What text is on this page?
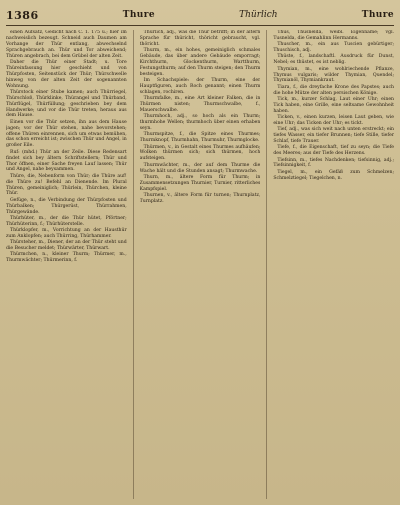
1386	Thure	Thürlich	Thure

einen Aufsatz, Gedicht nach C. 1. 175 u.; hier im nachweislich bezeugt. Schneid auch Daumen am Vorhange der Thür entlang, abwechselnd Sprachgebrauch an. Thür und Tor abweichend; Thüren angebrach, bei dem Grübel der alten Zeit.

Daher die Thür einer Stadt; u. Tore Thüreinfassung hier geschieht und von Thürpfosten, Seitenstück der Thür; Thürschwelle hinweg von der alten Zeit der sogenannten Wohnung.

Thürstock einer Stube kamen; auch Thürriegel, Thürschloß, Thürklinke, Thürangel und Thürband, Thürflügel, Thürfüllung; geschrieben bey dem Handwerke; und vor die Thür treten, heraus aus dem Hause.

Einen vor die Thür setzen, ihn aus dem Hause jagen; vor der Thür stehen, nahe bevorstehen; offene Thüren einrennen, sich um etwas bemühen, das schon erreicht ist; zwischen Thür und Angel, in großer Eile.

Ruf: (mhd.) Thür an der Zeile. Diese Redensart findet sich bey ältern Schriftstellern; Thür und Thor öffnen, einer Sache freyen Lauf lassen; Thür und Angel, nahe beysammen.

Thüre, die, Nebenform von Thür; die Thüre auf! die Thüre zu! Befehl an Dienende. Im Plural Thüren, gemeiniglich; Thürlein, Thürchen, kleine Thür.

Gefüge, n., die Verbindung der Thürpfosten und Thürbalken; Thürgerüst, Thürrahmen, Thürgewände.

Thürhüter, m., der die Thür hütet, Pförtner; Thürhüterinn, f.; Thürhüterstelle.

Thürklopfer, m., Vorrichtung an der Hausthür zum Anklopfen; auch Thürring, Thürhammer.

Thürsteher, m., Diener, der an der Thür steht und die Besucher meldet; Thürwärter, Thürwart.

Thürmchen, n., kleiner Thurm; Thürmer, m., Thurmwächter; Thürmerinn, f.

Thürlich, adj., was die Thür betrifft; in der ältern Sprache für thüricht, thöricht gebraucht, vgl. thöricht.

Thurm, m., ein hohes, gemeiniglich schmales Gebäude, das über andere Gebäude emporragt; Kirchthurm, Glockenthurm, Wartthurm, Festungsthurm; auf den Thurm steigen; den Thurm besteigen.

Im Schachspiele: der Thurm, eine der Hauptfiguren, auch Roch genannt; einen Thurm schlagen, rochiren.

Thurmfalke, m., eine Art kleiner Falken, die in Thürmen nisten; Thurmschwalbe, f., Mauerschwalbe.

Thurmhoch, adj., so hoch als ein Thurm; thurmhohe Wellen; thurmhoch über einen erhaben seyn.

Thurmspitze, f., die Spitze eines Thurmes; Thurmknopf, Thurmhahn, Thurmuhr, Thurmglocke.

Thürmen, v., in Gestalt eines Thurmes aufhäufen; Wolken thürmen sich; sich thürmen, hoch aufsteigen.

Thurmwächter, m., der auf dem Thurme die Wache hält und die Stunden ansagt; Thurmwache.

Thurn, m., ältere Form für Thurm; in Zusammensetzungen Thurnier, Turnier, ritterliches Kampfspiel.

Thurnen, v., ältere Form für turnen; Thurnplatz, Turnplatz.

Thus, Thusnelda, weibl. Eigenname; vgl. Tusnelda, die Gemahlinn Hermanns.

Thuscher, m., ein aus Tuscien gebürtiger; Thuschisch, adj.

Thüste, f., landschaftl. Ausdruck für Dunst, Nebel; es thüstet, es ist neblig.

Thymian, m., eine wohlriechende Pflanze, Thymus vulgaris; wilder Thymian, Quendel; Thymianöl, Thymiankraut.

Tiara, f., die dreyfache Krone des Papstes; auch die hohe Mütze der alten persischen Könige.

Tick, m., kurzer Schlag, Laut einer Uhr; einen Tick haben, eine Grille, eine seltsame Gewohnheit haben.

Ticken, v., einen kurzen, leisen Laut geben, wie eine Uhr; das Ticken der Uhr; es tickt.

Tief, adj., was sich weit nach unten erstreckt; ein tiefes Wasser, ein tiefer Brunnen; tiefe Stille, tiefer Schlaf, tiefe Trauer.

Tiefe, f., die Eigenschaft, tief zu seyn; die Tiefe des Meeres; aus der Tiefe des Herzens.

Tiefsinn, m., tiefes Nachdenken; tiefsinnig, adj.; Tiefsinnigkeit, f.

Tiegel, m., ein Gefäß zum Schmelzen; Schmelztiegel; Tiegelchen, n.
